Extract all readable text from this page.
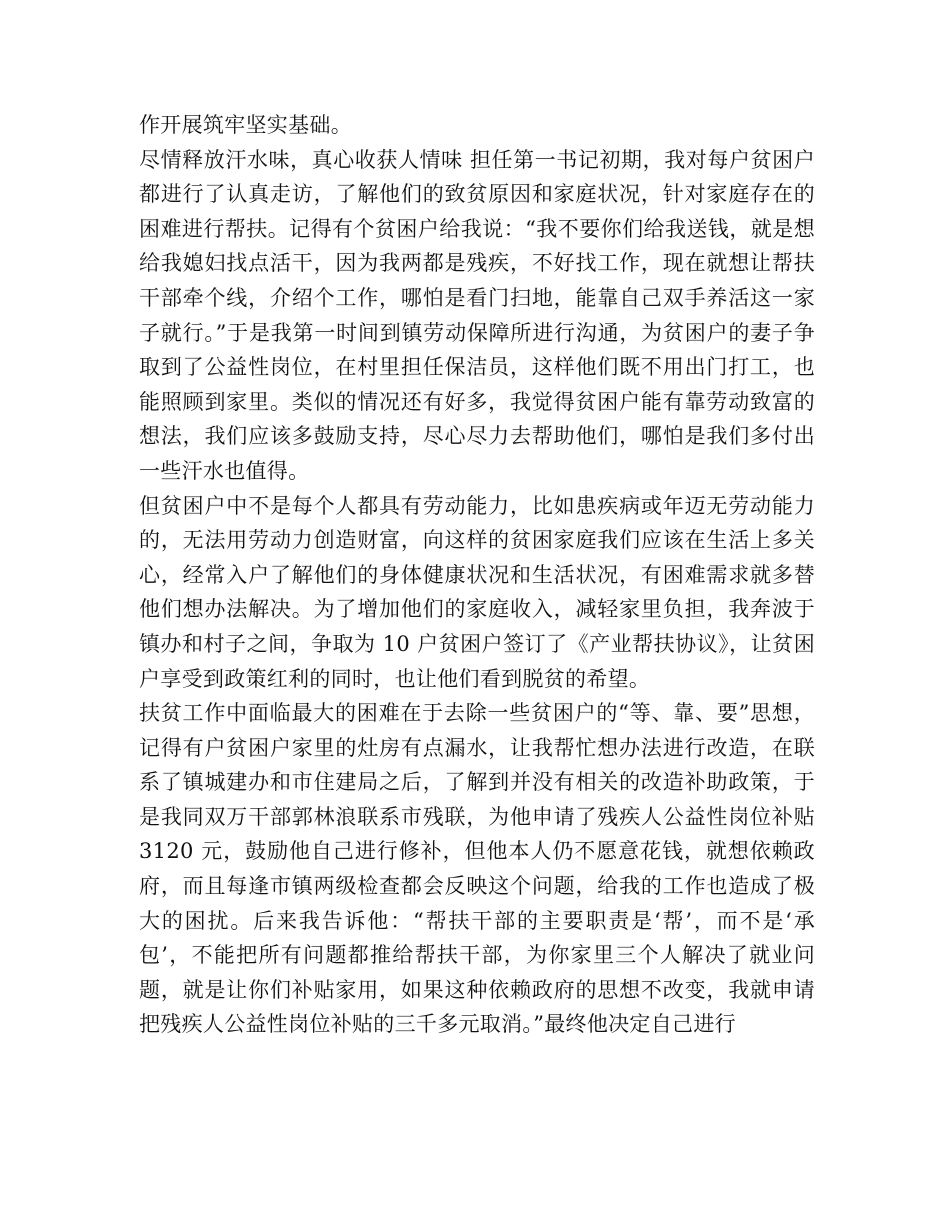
作开展筑牢坚实基础。

尽情释放汗水味，真心收获人情味 担任第一书记初期，我对每户贫困户都进行了认真走访，了解他们的致贫原因和家庭状况，针对家庭存在的困难进行帮扶。记得有个贫困户给我说：“我不要你们给我送钱，就是想给我媳妇找点活干，因为我两都是残疾，不好找工作，现在就想让帮扶干部牵个线，介绍个工作，哪怕是看门扫地，能靠自己双手养活这一家子就行。”于是我第一时间到镇劳动保障所进行沟通，为贫困户的妻子争取到了公益性岗位，在村里担任保洁员，这样他们既不用出门打工，也能照顾到家里。类似的情况还有好多，我觉得贫困户能有靠劳动致富的想法，我们应该多鼓励支持，尽心尽力去帮助他们，哪怕是我们多付出一些汗水也值得。

但贫困户中不是每个人都具有劳动能力，比如患疾病或年迈无劳动能力的，无法用劳动力创造财富，向这样的贫困家庭我们应该在生活上多关心，经常入户了解他们的身体健康状况和生活状况，有困难需求就多替他们想办法解决。为了增加他们的家庭收入，减轻家里负担，我奔波于镇办和村子之间，争取为 10 户贫困户签订了《产业帮扶协议》，让贫困户享受到政策红利的同时，也让他们看到脱贫的希望。

扶贫工作中面临最大的困难在于去除一些贫困户的“等、靠、要”思想，记得有户贫困户家里的灶房有点漏水，让我帮忙想办法进行改造，在联系了镇城建办和市住建局之后，了解到并没有相关的改造补助政策，于是我同双万干部郭林浪联系市残联，为他申请了残疾人公益性岗位补贴 3120 元，鼓励他自己进行修补，但他本人仍不愿意花钱，就想依赖政府，而且每逢市镇两级检查都会反映这个问题，给我的工作也造成了极大的困扰。后来我告诉他：“帮扶干部的主要职责是‘帮’，而不是‘承包’，不能把所有问题都推给帮扶干部，为你家里三个人解决了就业问题，就是让你们补贴家用，如果这种依赖政府的思想不改变，我就申请把残疾人公益性岗位补贴的三千多元取消。”最终他决定自己进行
